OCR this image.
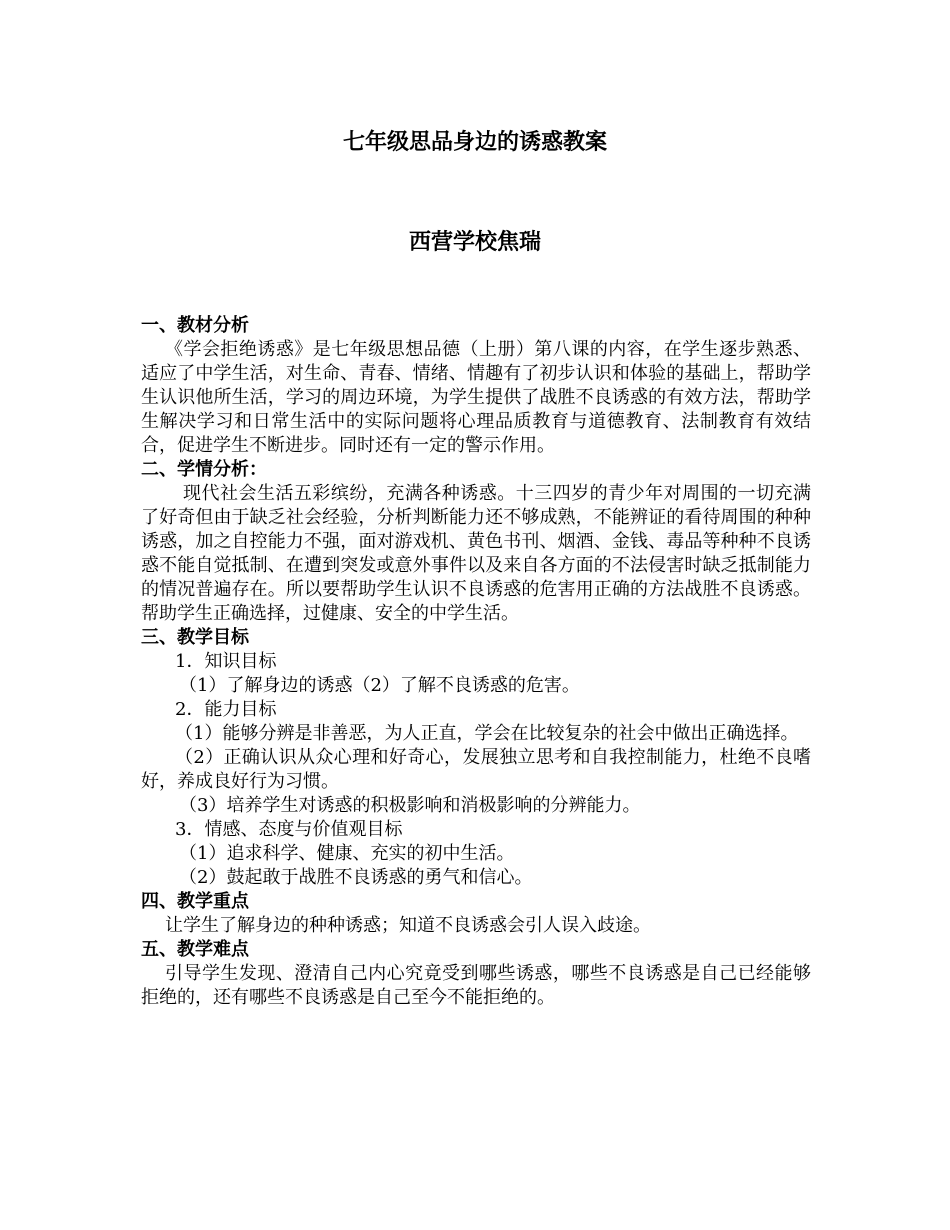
七年级思品身边的诱惑教案
西营学校焦瑞

一、教材分析

《学会拒绝诱惑》是七年级思想品德（上册）第八课的内容，在学生逐步熟悉、适应了中学生活，对生命、青春、情绪、情趣有了初步认识和体验的基础上，帮助学生认识他所生活，学习的周边环境，为学生提供了战胜不良诱惑的有效方法，帮助学生解决学习和日常生活中的实际问题将心理品质教育与道德教育、法制教育有效结合，促进学生不断进步。同时还有一定的警示作用。

二、学情分析：

现代社会生活五彩缤纷，充满各种诱惑。十三四岁的青少年对周围的一切充满了好奇但由于缺乏社会经验，分析判断能力还不够成熟，不能辨证的看待周围的种种诱惑，加之自控能力不强，面对游戏机、黄色书刊、烟酒、金钱、毒品等种种不良诱惑不能自觉抵制、在遭到突发或意外事件以及来自各方面的不法侵害时缺乏抵制能力的情况普遍存在。所以要帮助学生认识不良诱惑的危害用正确的方法战胜不良诱惑。帮助学生正确选择，过健康、安全的中学生活。

三、教学目标

1．知识目标

（1）了解身边的诱惑（2）了解不良诱惑的危害。

2．能力目标

（1）能够分辨是非善恶，为人正直，学会在比较复杂的社会中做出正确选择。

（2）正确认识从众心理和好奇心，发展独立思考和自我控制能力，杜绝不良嗜好，养成良好行为习惯。

（3）培养学生对诱惑的积极影响和消极影响的分辨能力。

3．情感、态度与价值观目标

（1）追求科学、健康、充实的初中生活。

（2）鼓起敢于战胜不良诱惑的勇气和信心。

四、教学重点

让学生了解身边的种种诱惑；知道不良诱惑会引人误入歧途。

五、教学难点

引导学生发现、澄清自己内心究竟受到哪些诱惑，哪些不良诱惑是自己已经能够拒绝的，还有哪些不良诱惑是自己至今不能拒绝的。
